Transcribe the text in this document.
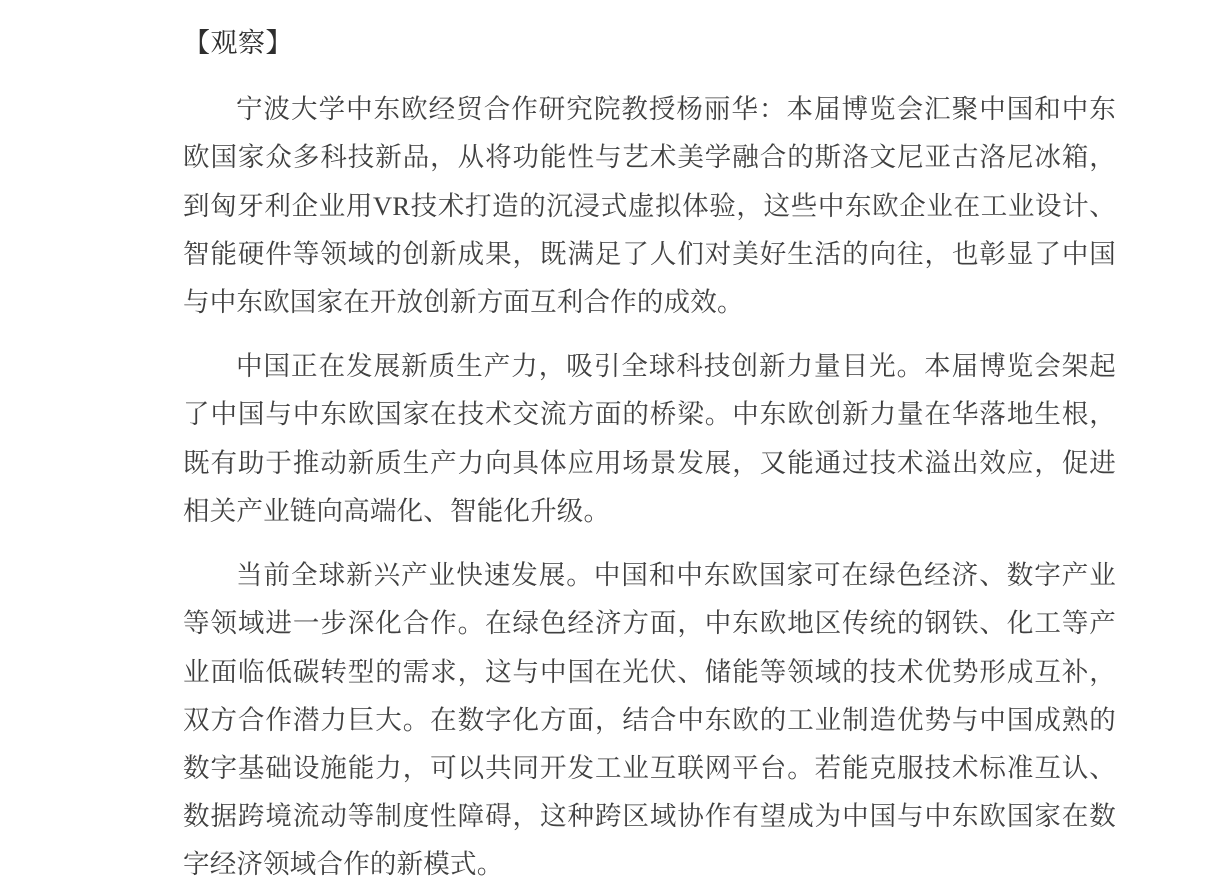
【观察】

宁波大学中东欧经贸合作研究院教授杨丽华：本届博览会汇聚中国和中东欧国家众多科技新品，从将功能性与艺术美学融合的斯洛文尼亚古洛尼冰箱，到匈牙利企业用VR技术打造的沉浸式虚拟体验，这些中东欧企业在工业设计、智能硬件等领域的创新成果，既满足了人们对美好生活的向往，也彰显了中国与中东欧国家在开放创新方面互利合作的成效。

中国正在发展新质生产力，吸引全球科技创新力量目光。本届博览会架起了中国与中东欧国家在技术交流方面的桥梁。中东欧创新力量在华落地生根，既有助于推动新质生产力向具体应用场景发展，又能通过技术溢出效应，促进相关产业链向高端化、智能化升级。

当前全球新兴产业快速发展。中国和中东欧国家可在绿色经济、数字产业等领域进一步深化合作。在绿色经济方面，中东欧地区传统的钢铁、化工等产业面临低碳转型的需求，这与中国在光伏、储能等领域的技术优势形成互补，双方合作潜力巨大。在数字化方面，结合中东欧的工业制造优势与中国成熟的数字基础设施能力，可以共同开发工业互联网平台。若能克服技术标准互认、数据跨境流动等制度性障碍，这种跨区域协作有望成为中国与中东欧国家在数字经济领域合作的新模式。
